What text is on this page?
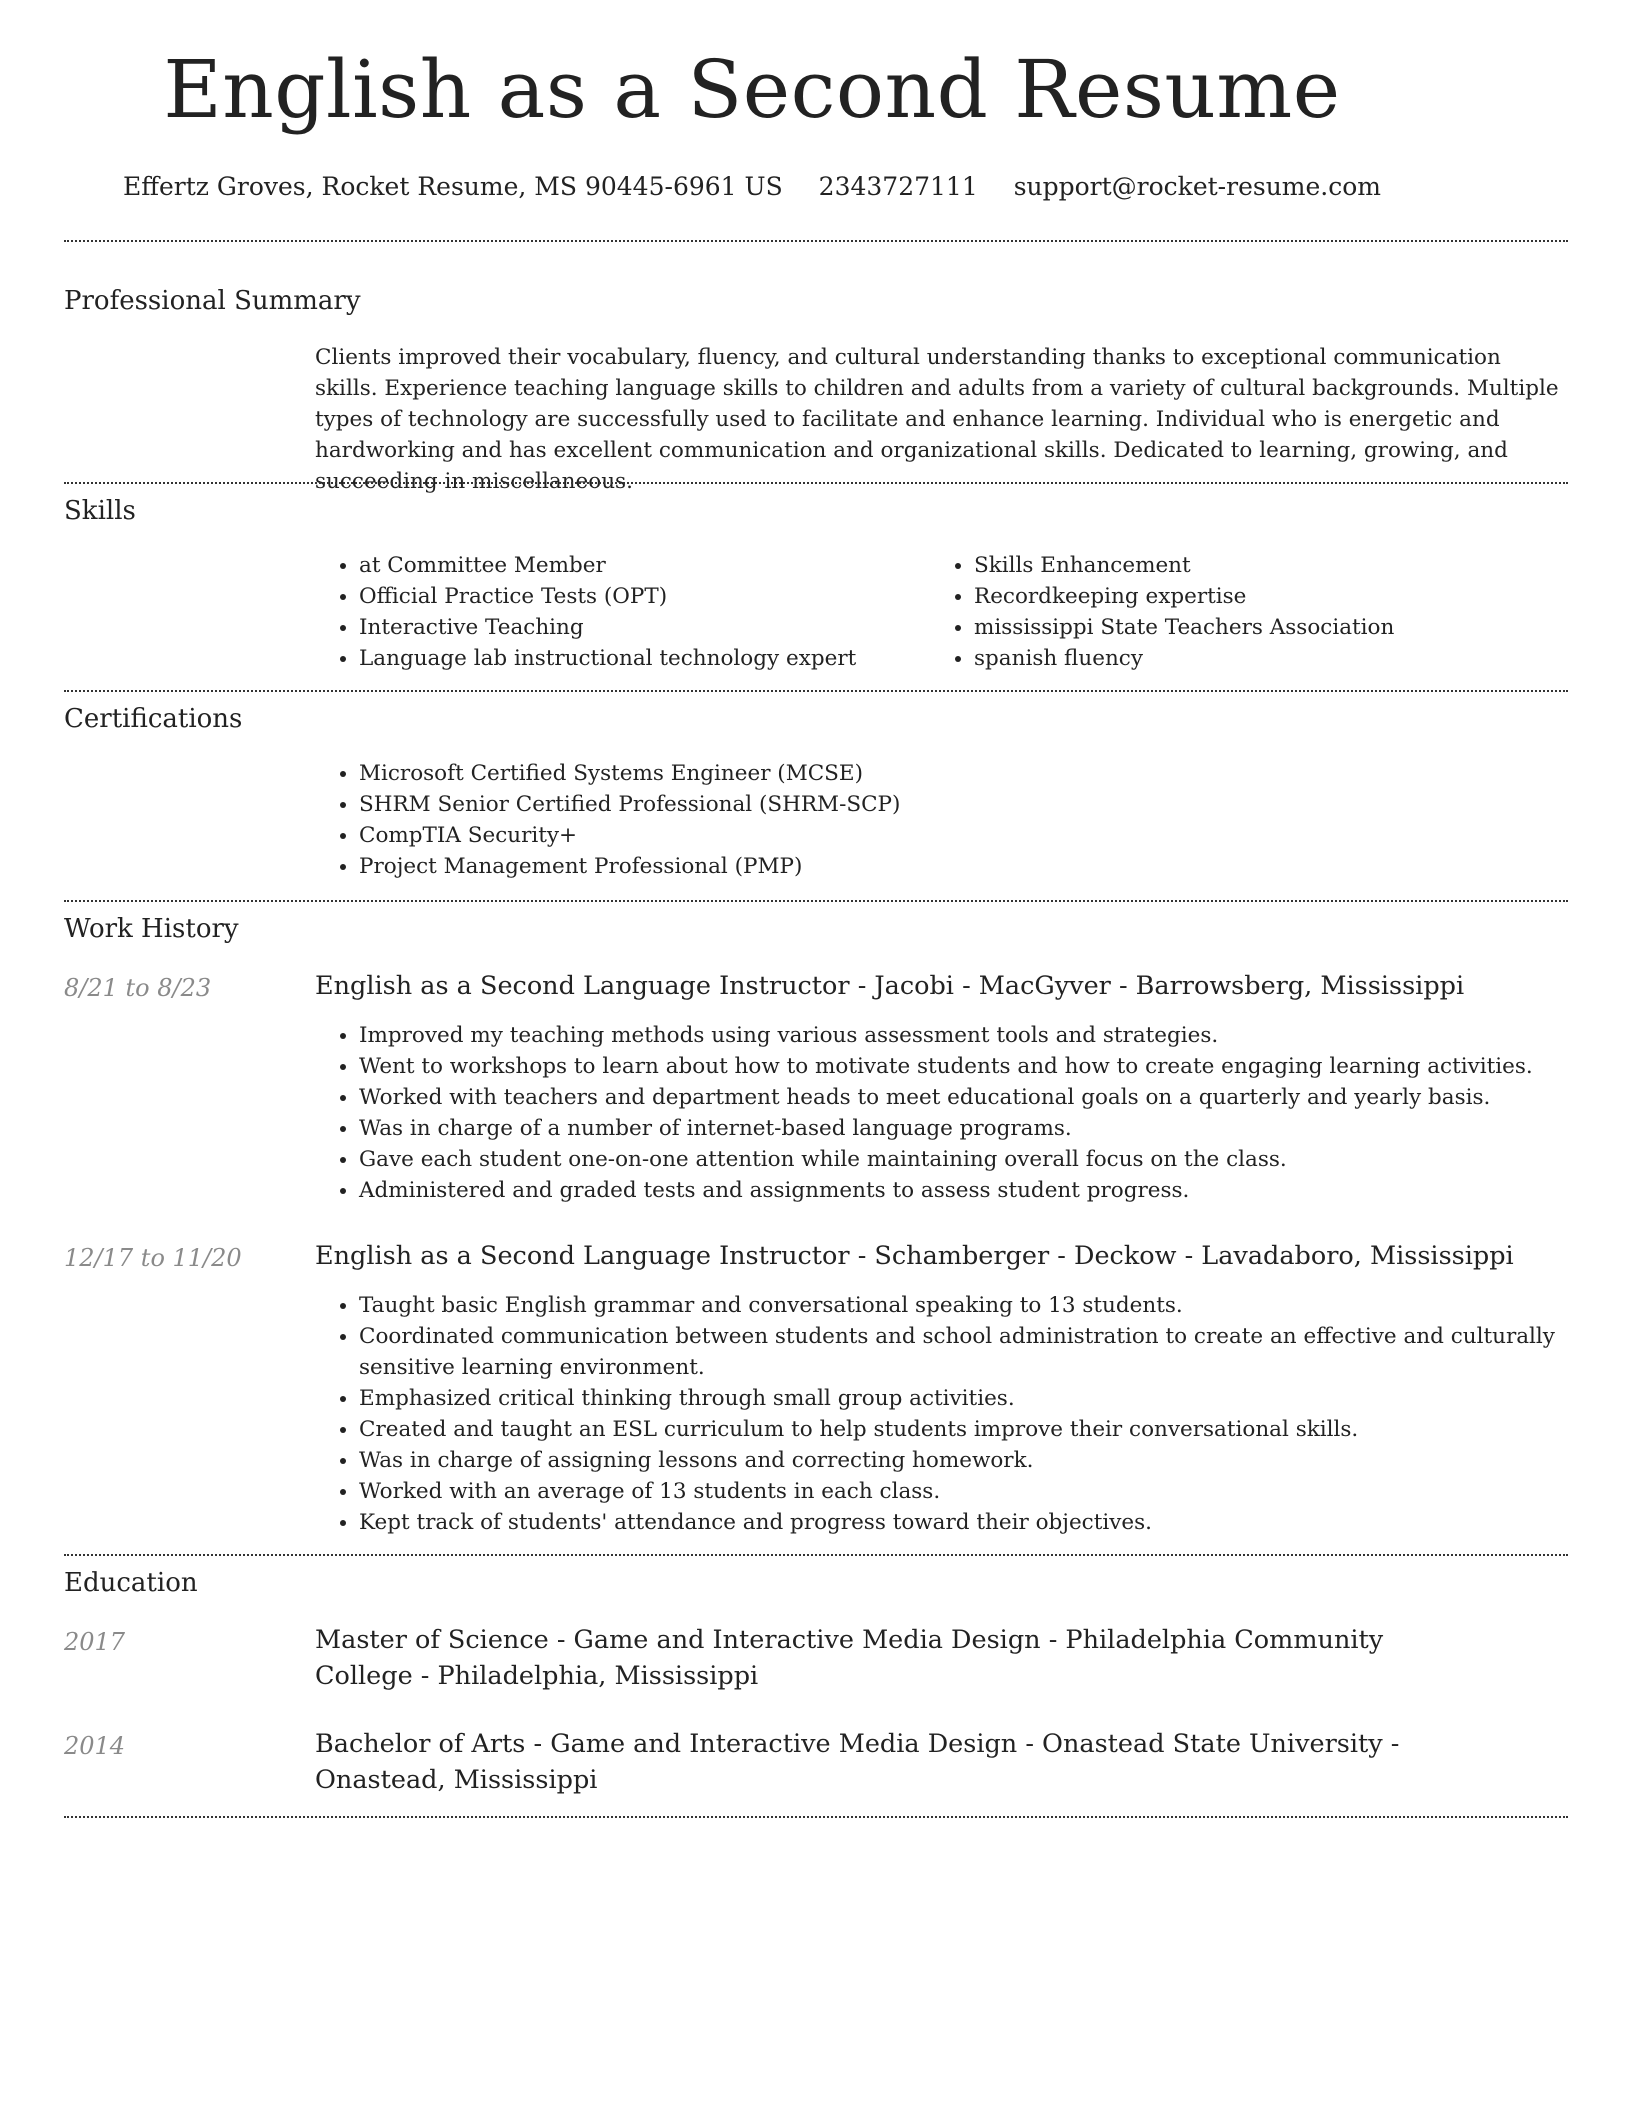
English as a Second Resume
Effertz Groves, Rocket Resume, MS 90445-6961 US 2343727111 support@rocket-resume.com
Professional Summary

Clients improved their vocabulary, fluency, and cultural understanding thanks to exceptional communication skills. Experience teaching language skills to children and adults from a variety of cultural backgrounds. Multiple types of technology are successfully used to facilitate and enhance learning. Individual who is energetic and hardworking and has excellent communication and organizational skills. Dedicated to learning, growing, and succeeding in miscellaneous.

Skills
• at Committee Member
• Official Practice Tests (OPT)
• Interactive Teaching
• Language lab instructional technology expert
• Skills Enhancement
• Recordkeeping expertise
• mississippi State Teachers Association
• spanish fluency
Certifications
• Microsoft Certified Systems Engineer (MCSE)
• SHRM Senior Certified Professional (SHRM-SCP)
• CompTIA Security+
• Project Management Professional (PMP)
Work History
8/21 to 8/23	English as a Second Language Instructor - Jacobi - MacGyver - Barrowsberg, Mississippi
• Improved my teaching methods using various assessment tools and strategies.
• Went to workshops to learn about how to motivate students and how to create engaging learning activities.
• Worked with teachers and department heads to meet educational goals on a quarterly and yearly basis.
• Was in charge of a number of internet-based language programs.
• Gave each student one-on-one attention while maintaining overall focus on the class.
• Administered and graded tests and assignments to assess student progress.
12/17 to 11/20	English as a Second Language Instructor - Schamberger - Deckow - Lavadaboro, Mississippi
• Taught basic English grammar and conversational speaking to 13 students.
• Coordinated communication between students and school administration to create an effective and culturally sensitive learning environment.
• Emphasized critical thinking through small group activities.
• Created and taught an ESL curriculum to help students improve their conversational skills.
• Was in charge of assigning lessons and correcting homework.
• Worked with an average of 13 students in each class.
• Kept track of students' attendance and progress toward their objectives.
Education
2017	Master of Science - Game and Interactive Media Design - Philadelphia Community College - Philadelphia, Mississippi
2014	Bachelor of Arts - Game and Interactive Media Design - Onastead State University - Onastead, Mississippi
